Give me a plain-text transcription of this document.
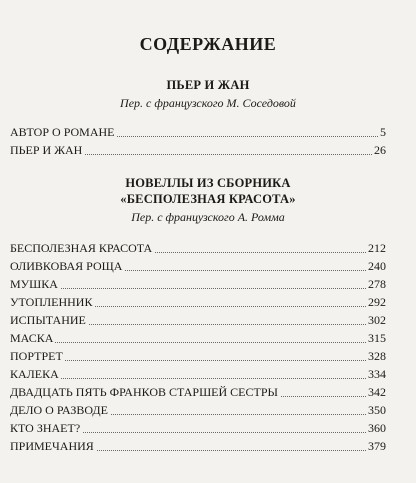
СОДЕРЖАНИЕ
ПЬЕР И ЖАН
Пер. с французского М. Соседовой
АВТОР О РОМАНЕ	5
ПЬЕР И ЖАН	26
НОВЕЛЛЫ ИЗ СБОРНИКА
«БЕСПОЛЕЗНАЯ КРАСОТА»
Пер. с французского А. Ромма
БЕСПОЛЕЗНАЯ КРАСОТА	212
ОЛИВКОВАЯ РОЩА	240
МУШКА	278
УТОПЛЕННИК	292
ИСПЫТАНИЕ	302
МАСКА	315
ПОРТРЕТ	328
КАЛЕКА	334
ДВАДЦАТЬ ПЯТЬ ФРАНКОВ СТАРШЕЙ СЕСТРЫ	342
ДЕЛО О РАЗВОДЕ	350
КТО ЗНАЕТ?	360
ПРИМЕЧАНИЯ	379
